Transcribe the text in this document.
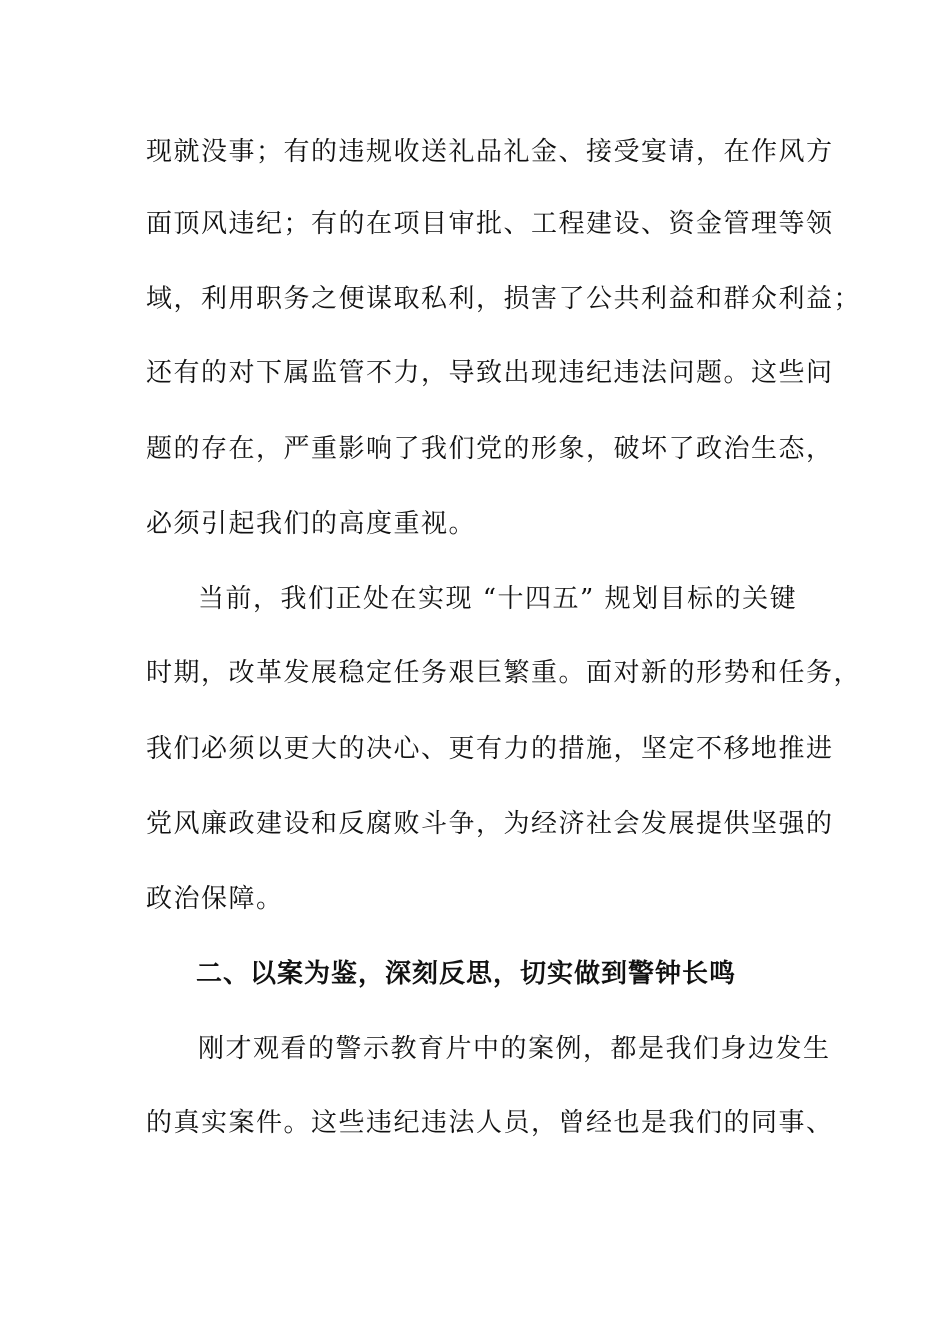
现就没事；有的违规收送礼品礼金、接受宴请，在作风方
面顶风违纪；有的在项目审批、工程建设、资金管理等领
域，利用职务之便谋取私利，损害了公共利益和群众利益；
还有的对下属监管不力，导致出现违纪违法问题。这些问
题的存在，严重影响了我们党的形象，破坏了政治生态，
必须引起我们的高度重视。
当前，我们正处在实现 “十四五” 规划目标的关键
时期，改革发展稳定任务艰巨繁重。面对新的形势和任务，
我们必须以更大的决心、更有力的措施，坚定不移地推进
党风廉政建设和反腐败斗争，为经济社会发展提供坚强的
政治保障。
二、以案为鉴，深刻反思，切实做到警钟长鸣
刚才观看的警示教育片中的案例，都是我们身边发生
的真实案件。这些违纪违法人员，曾经也是我们的同事、
